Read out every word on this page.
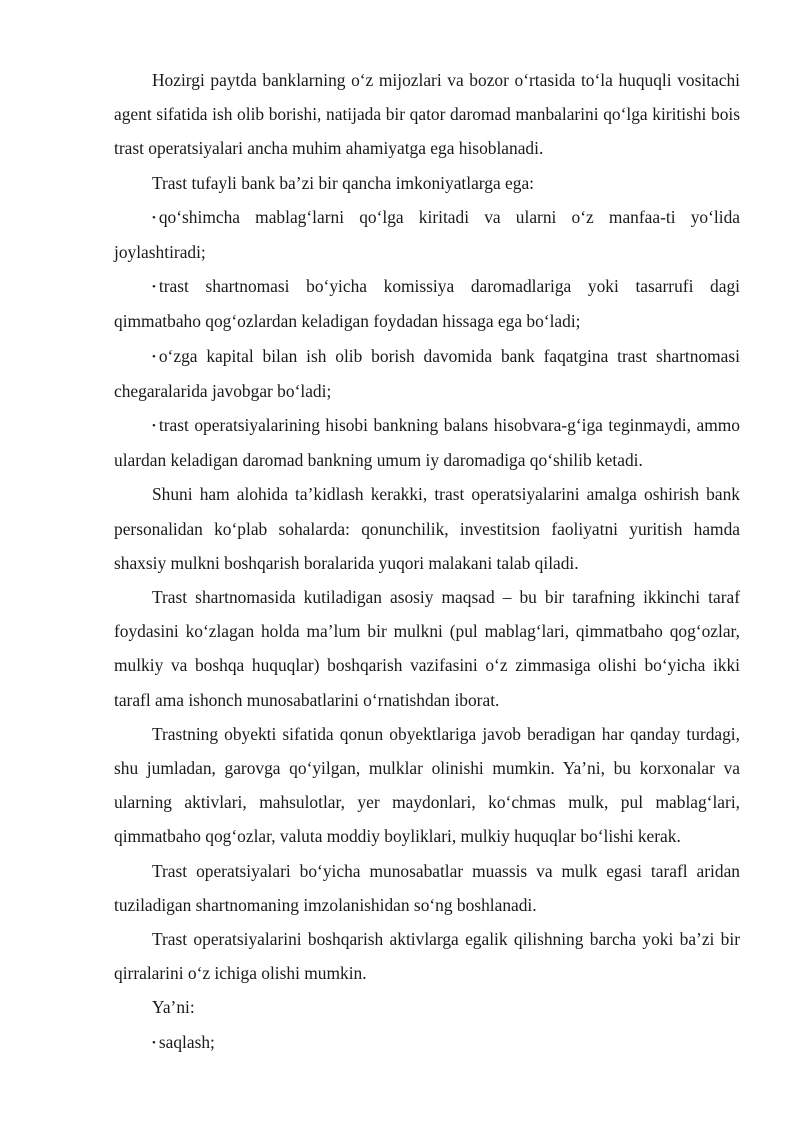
Hozirgi paytda banklarning o‘z mijozlari va bozor o‘rtasida to‘la huquqli vositachi agent sifatida ish olib borishi, natijada bir qator daromad manbalarini qo‘lga kiritishi bois trast operatsiyalari ancha muhim ahamiyatga ega hisoblanadi.

Trast tufayli bank ba’zi bir qancha imkoniyatlarga ega:

• qo‘shimcha mablag‘larni qo‘lga kiritadi va ularni o‘z manfaa-ti yo‘lida joylashtiradi;

• trast shartnomasi bo‘yicha komissiya daromadlariga yoki tasarrufi dagi qimmatbaho qog‘ozlardan keladigan foydadan hissaga ega bo‘ladi;

• o‘zga kapital bilan ish olib borish davomida bank faqatgina trast shartnomasi chegaralarida javobgar bo‘ladi;

• trast operatsiyalarining hisobi bankning balans hisobvara-g‘iga teginmaydi, ammo ulardan keladigan daromad bankning umum iy daromadiga qo‘shilib ketadi.

Shuni ham alohida ta’kidlash kerakki, trast operatsiyalarini amalga oshirish bank personalidan ko‘plab sohalarda: qonunchilik, investitsion faoliyatni yuritish hamda shaxsiy mulkni boshqarish boralarida yuqori malakani talab qiladi.

Trast shartnomasida kutiladigan asosiy maqsad – bu bir tarafning ikkinchi taraf foydasini ko‘zlagan holda ma’lum bir mulkni (pul mablag‘lari, qimmatbaho qog‘ozlar, mulkiy va boshqa huquqlar) boshqarish vazifasini o‘z zimmasiga olishi bo‘yicha ikki tarafl ama ishonch munosabatlarini o‘rnatishdan iborat.

Trastning obyekti sifatida qonun obyektlariga javob beradigan har qanday turdagi, shu jumladan, garovga qo‘yilgan, mulklar olinishi mumkin. Ya’ni, bu korxonalar va ularning aktivlari, mahsulotlar, yer maydonlari, ko‘chmas mulk, pul mablag‘lari, qimmatbaho qog‘ozlar, valuta moddiy boyliklari, mulkiy huquqlar bo‘lishi kerak.

Trast operatsiyalari bo‘yicha munosabatlar muassis va mulk egasi tarafl aridan tuziladigan shartnomaning imzolanishidan so‘ng boshlanadi.

Trast operatsiyalarini boshqarish aktivlarga egalik qilishning barcha yoki ba’zi bir qirralarini o‘z ichiga olishi mumkin.

Ya’ni:

• saqlash;
